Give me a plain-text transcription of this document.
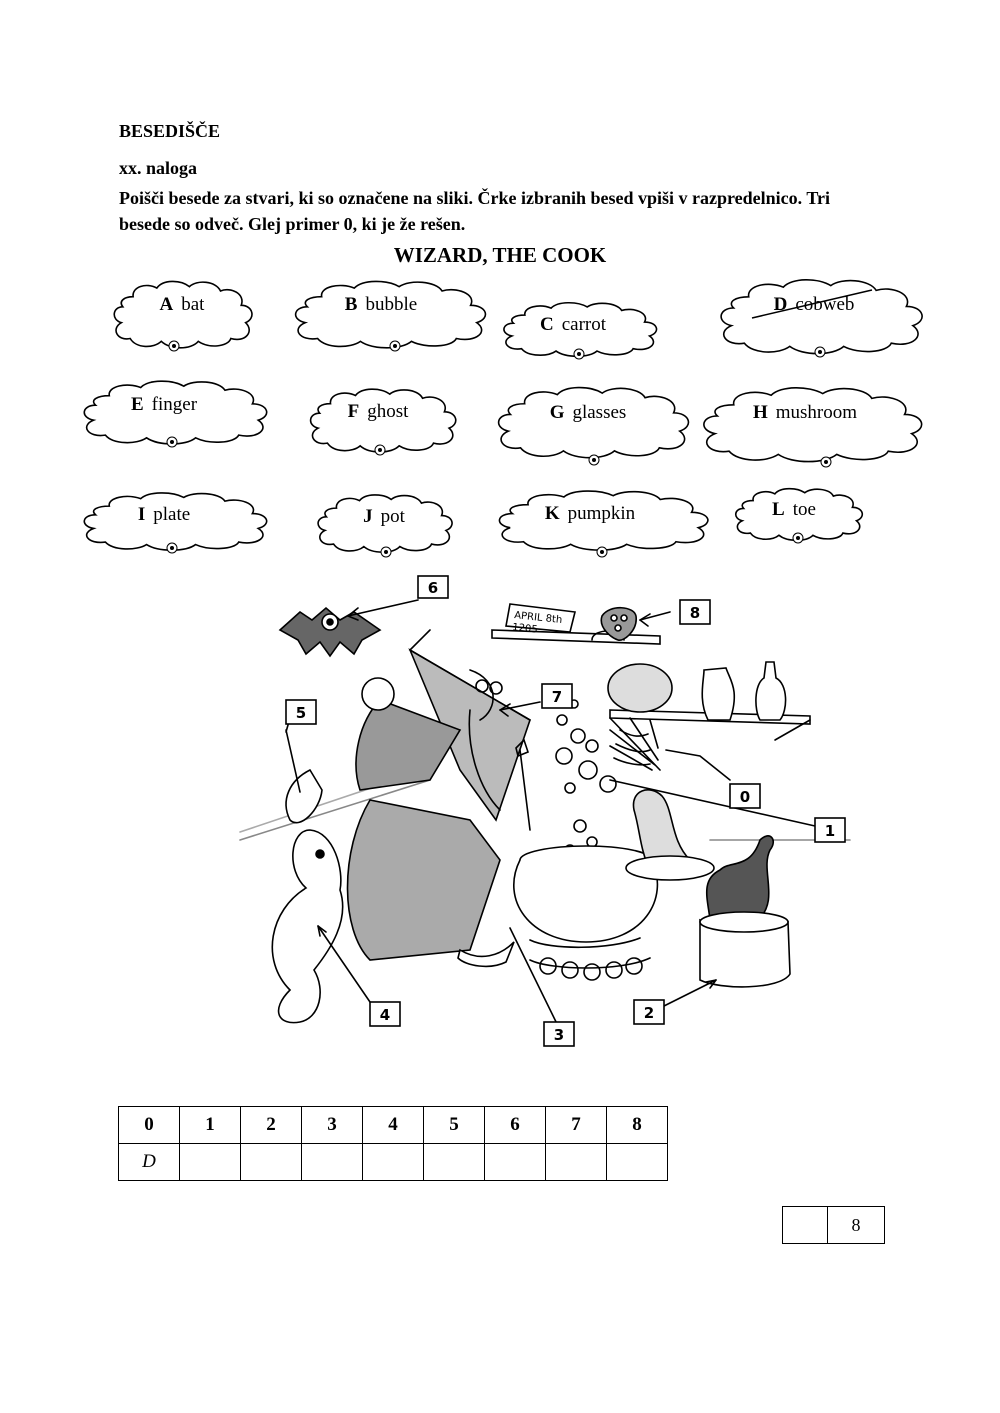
BESEDIŠČE
xx. naloga
Poišči besede za stvari, ki so označene na sliki. Črke izbranih besed vpiši v razpredelnico. Tri besede so odveč. Glej primer 0, ki je že rešen.
WIZARD, THE COOK
A bat	B bubble
C carrot
D cobweb
E finger	F ghost	G glasses	H mushroom
I plate	J pot	K pumpkin	L toe
APRIL 8th
1205
6
8
5
7
0
1
2
3
4
0	1	2	3	4	5	6	7	8
D								
	8
